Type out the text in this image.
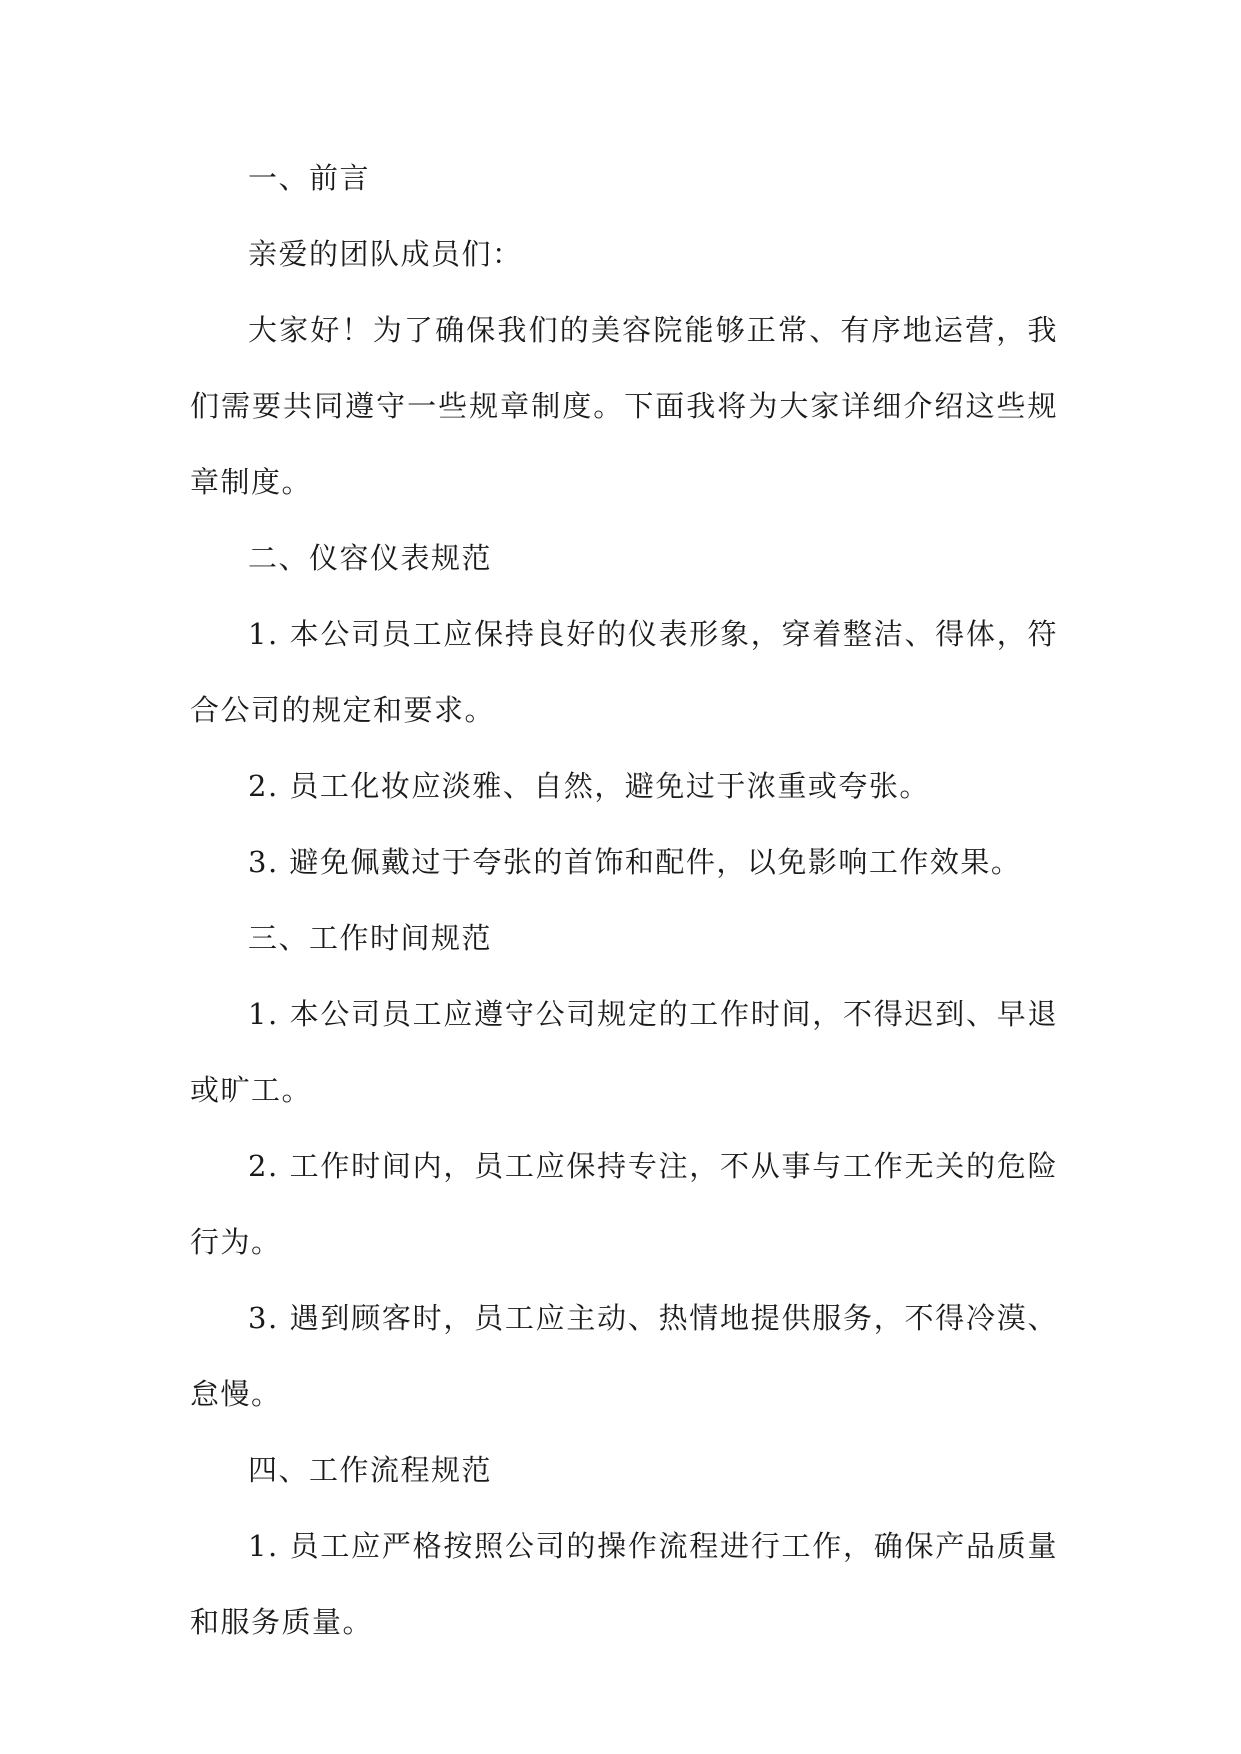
一、前言

亲爱的团队成员们：

大家好！为了确保我们的美容院能够正常、有序地运营，我们需要共同遵守一些规章制度。下面我将为大家详细介绍这些规章制度。

二、仪容仪表规范

1. 本公司员工应保持良好的仪表形象，穿着整洁、得体，符合公司的规定和要求。

2. 员工化妆应淡雅、自然，避免过于浓重或夸张。

3. 避免佩戴过于夸张的首饰和配件，以免影响工作效果。

三、工作时间规范

1. 本公司员工应遵守公司规定的工作时间，不得迟到、早退或旷工。

2. 工作时间内，员工应保持专注，不从事与工作无关的危险行为。

3. 遇到顾客时，员工应主动、热情地提供服务，不得冷漠、怠慢。

四、工作流程规范

1. 员工应严格按照公司的操作流程进行工作，确保产品质量和服务质量。
